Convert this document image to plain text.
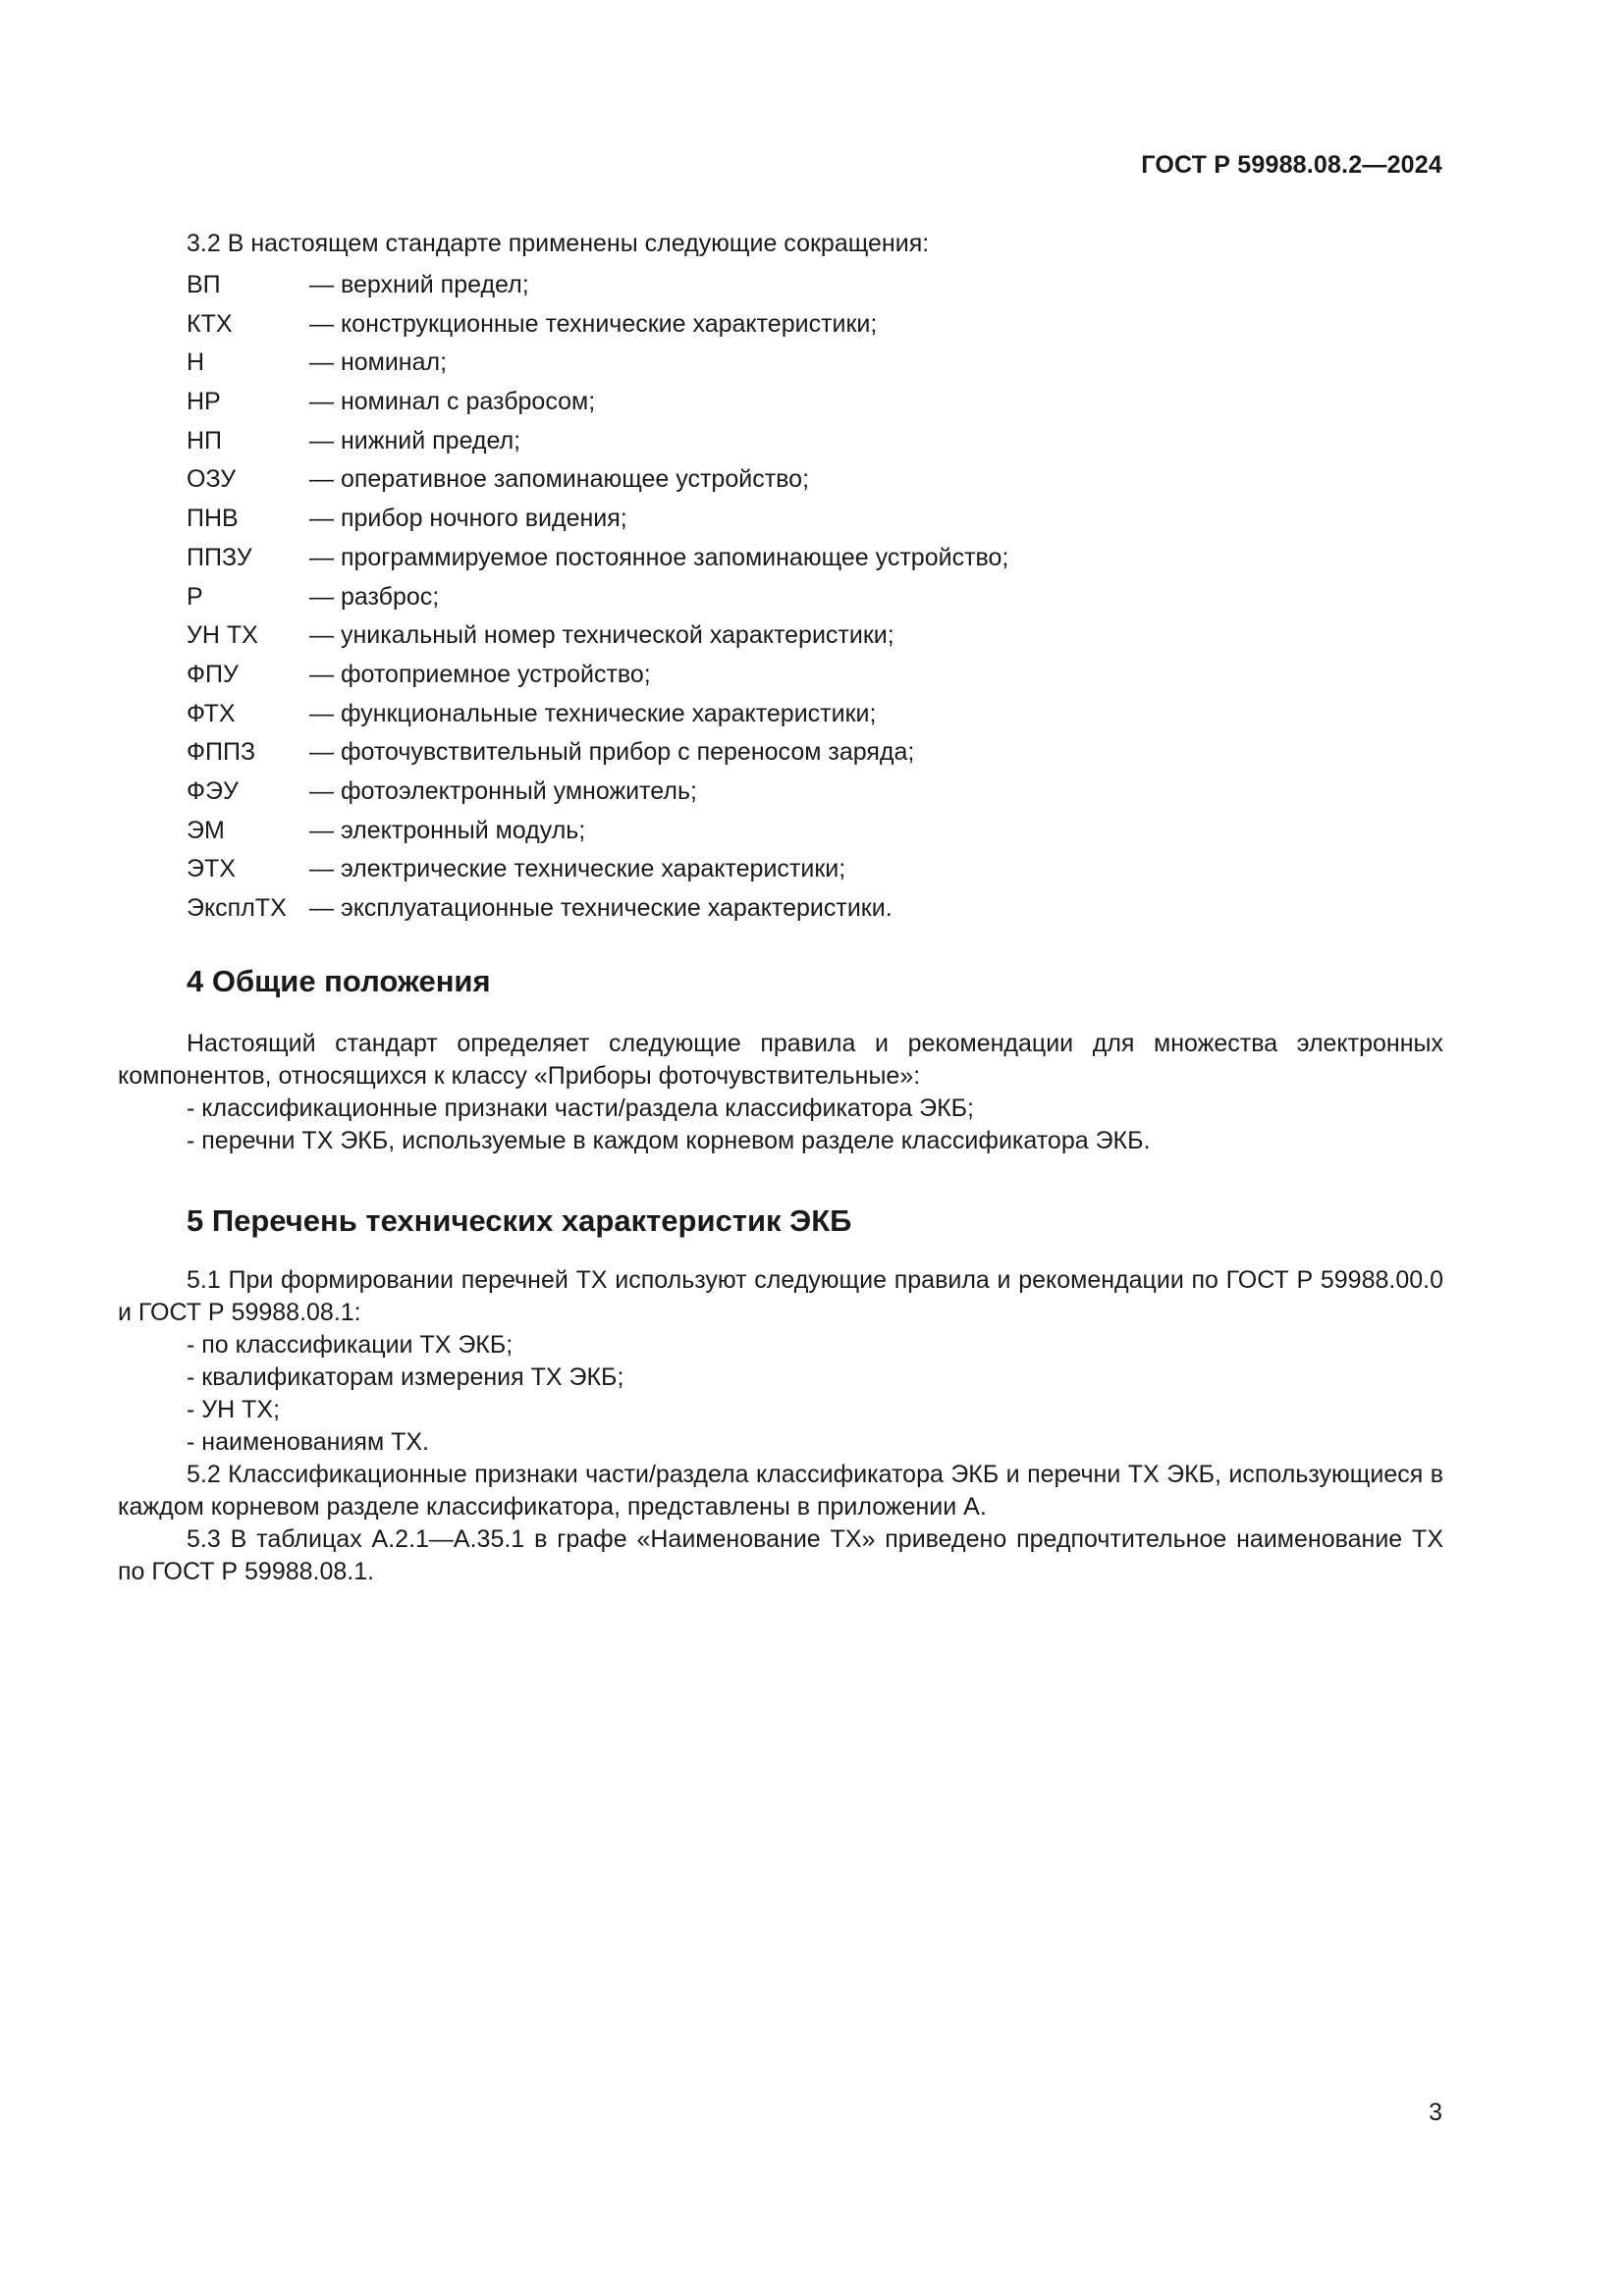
ГОСТ Р 59988.08.2—2024
3.2 В настоящем стандарте применены следующие сокращения:
ВП	— верхний предел;
КТХ	— конструкционные технические характеристики;
Н	— номинал;
НР	— номинал с разбросом;
НП	— нижний предел;
ОЗУ	— оперативное запоминающее устройство;
ПНВ	— прибор ночного видения;
ППЗУ	— программируемое постоянное запоминающее устройство;
Р	— разброс;
УН ТХ	— уникальный номер технической характеристики;
ФПУ	— фотоприемное устройство;
ФТХ	— функциональные технические характеристики;
ФППЗ	— фоточувствительный прибор с переносом заряда;
ФЭУ	— фотоэлектронный умножитель;
ЭМ	— электронный модуль;
ЭТХ	— электрические технические характеристики;
ЭксплТХ — эксплуатационные технические характеристики.
4 Общие положения

Настоящий стандарт определяет следующие правила и рекомендации для множества электронных компонентов, относящихся к классу «Приборы фоточувствительные»:

- классификационные признаки части/раздела классификатора ЭКБ;

- перечни ТХ ЭКБ, используемые в каждом корневом разделе классификатора ЭКБ.

5 Перечень технических характеристик ЭКБ

5.1 При формировании перечней ТХ используют следующие правила и рекомендации по ГОСТ Р 59988.00.0 и ГОСТ Р 59988.08.1:

- по классификации ТХ ЭКБ;

- квалификаторам измерения ТХ ЭКБ;

- УН ТХ;

- наименованиям ТХ.

5.2 Классификационные признаки части/раздела классификатора ЭКБ и перечни ТХ ЭКБ, использующиеся в каждом корневом разделе классификатора, представлены в приложении А.

5.3 В таблицах А.2.1—А.35.1 в графе «Наименование ТХ» приведено предпочтительное наименование ТХ по ГОСТ Р 59988.08.1.

3
